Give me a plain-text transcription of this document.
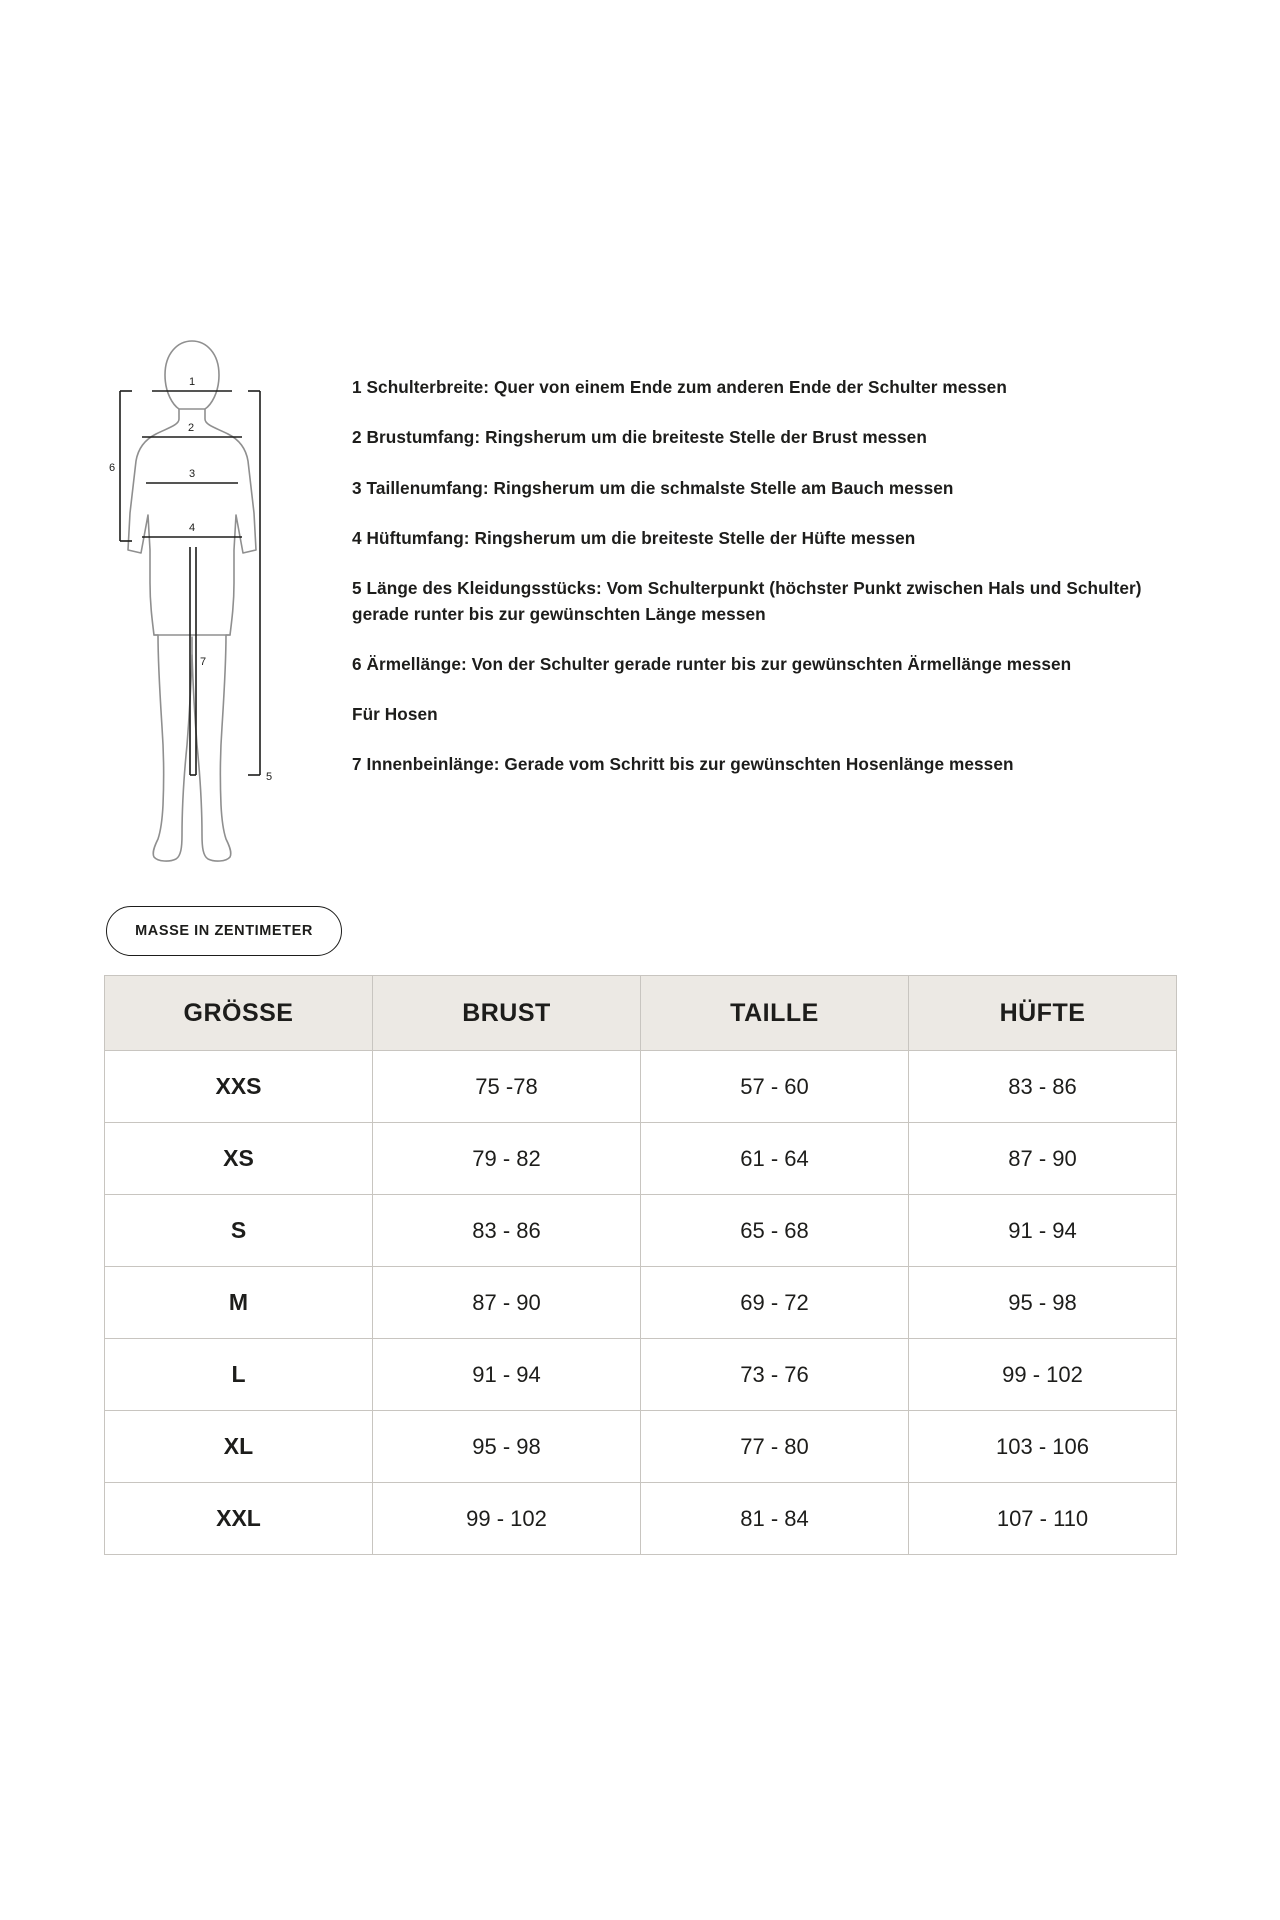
1
2
3
4
5
6
7

1 Schulterbreite: Quer von einem Ende zum anderen Ende der Schulter messen

2 Brustumfang: Ringsherum um die breiteste Stelle der Brust messen

3 Taillenumfang: Ringsherum um die schmalste Stelle am Bauch messen

4 Hüftumfang: Ringsherum um die breiteste Stelle der Hüfte messen

5 Länge des Kleidungsstücks: Vom Schulterpunkt (höchster Punkt zwischen Hals und Schulter) gerade runter bis zur gewünschten Länge messen

6 Ärmellänge: Von der Schulter gerade runter bis zur gewünschten Ärmellänge messen

Für Hosen

7 Innenbeinlänge: Gerade vom Schritt bis zur gewünschten Hosenlänge messen

MASSE IN ZENTIMETER
GRÖSSE	BRUST	TAILLE	HÜFTE
XXS	75 -78	57 - 60	83 - 86
XS	79 - 82	61 - 64	87 - 90
S	83 - 86	65 - 68	91 - 94
M	87 - 90	69 - 72	95 - 98
L	91 - 94	73 - 76	99 - 102
XL	95 - 98	77 - 80	103 - 106
XXL	99 - 102	81 - 84	107 - 110
